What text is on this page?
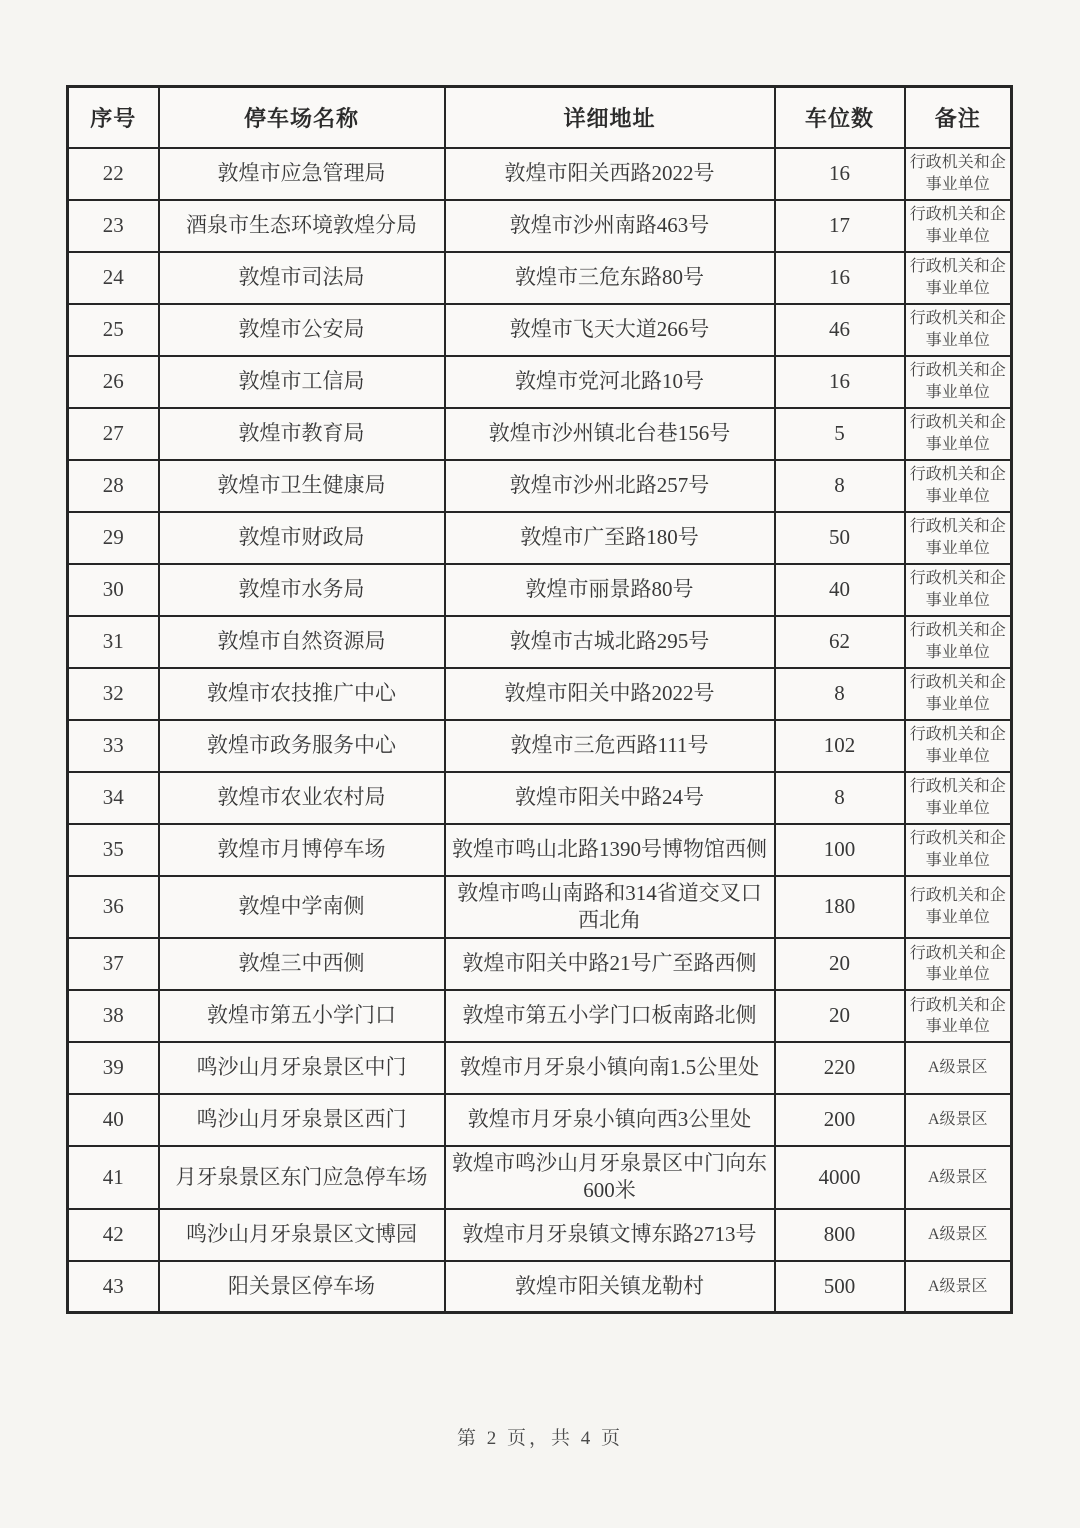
序号	停车场名称	详细地址	车位数	备注
22	敦煌市应急管理局	敦煌市阳关西路2022号	16	行政机关和企事业单位
23	酒泉市生态环境敦煌分局	敦煌市沙州南路463号	17	行政机关和企事业单位
24	敦煌市司法局	敦煌市三危东路80号	16	行政机关和企事业单位
25	敦煌市公安局	敦煌市飞天大道266号	46	行政机关和企事业单位
26	敦煌市工信局	敦煌市党河北路10号	16	行政机关和企事业单位
27	敦煌市教育局	敦煌市沙州镇北台巷156号	5	行政机关和企事业单位
28	敦煌市卫生健康局	敦煌市沙州北路257号	8	行政机关和企事业单位
29	敦煌市财政局	敦煌市广至路180号	50	行政机关和企事业单位
30	敦煌市水务局	敦煌市丽景路80号	40	行政机关和企事业单位
31	敦煌市自然资源局	敦煌市古城北路295号	62	行政机关和企事业单位
32	敦煌市农技推广中心	敦煌市阳关中路2022号	8	行政机关和企事业单位
33	敦煌市政务服务中心	敦煌市三危西路111号	102	行政机关和企事业单位
34	敦煌市农业农村局	敦煌市阳关中路24号	8	行政机关和企事业单位
35	敦煌市月博停车场	敦煌市鸣山北路1390号博物馆西侧	100	行政机关和企事业单位
36	敦煌中学南侧	敦煌市鸣山南路和314省道交叉口西北角	180	行政机关和企事业单位
37	敦煌三中西侧	敦煌市阳关中路21号广至路西侧	20	行政机关和企事业单位
38	敦煌市第五小学门口	敦煌市第五小学门口板南路北侧	20	行政机关和企事业单位
39	鸣沙山月牙泉景区中门	敦煌市月牙泉小镇向南1.5公里处	220	A级景区
40	鸣沙山月牙泉景区西门	敦煌市月牙泉小镇向西3公里处	200	A级景区
41	月牙泉景区东门应急停车场	敦煌市鸣沙山月牙泉景区中门向东600米	4000	A级景区
42	鸣沙山月牙泉景区文博园	敦煌市月牙泉镇文博东路2713号	800	A级景区
43	阳关景区停车场	敦煌市阳关镇龙勒村	500	A级景区
第 2 页，共 4 页
